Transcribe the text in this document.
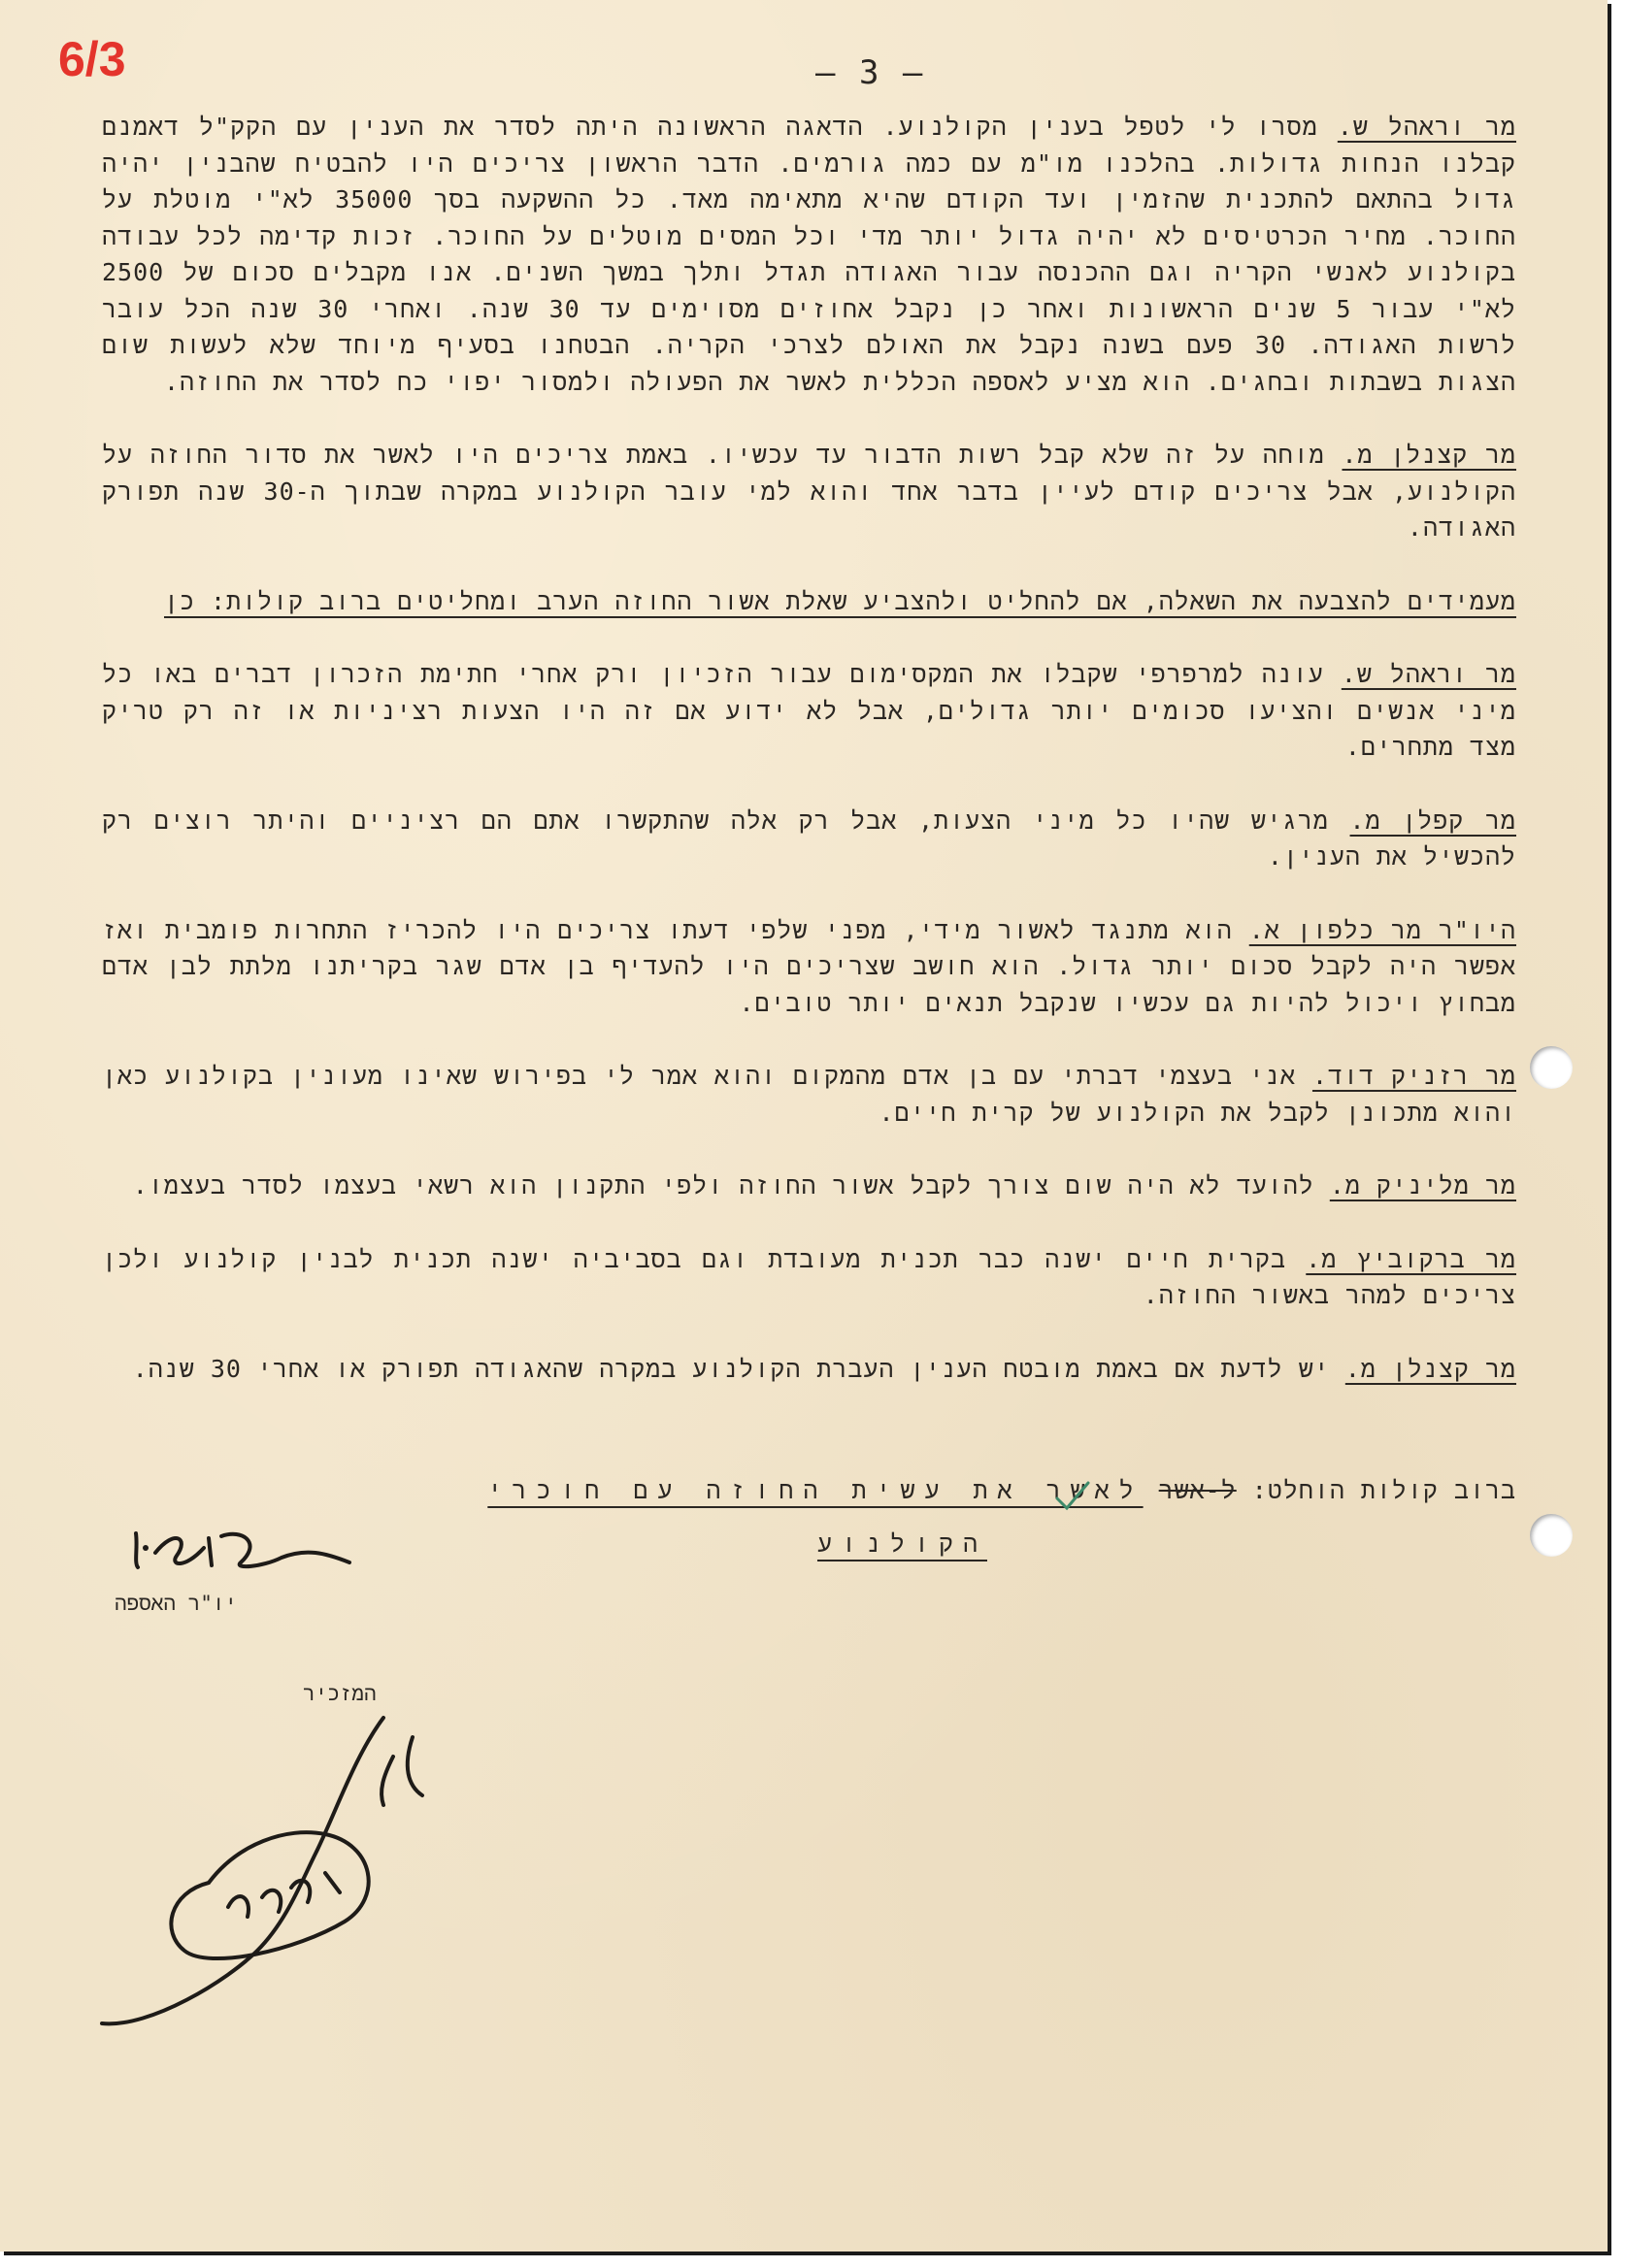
6/3	— 3 —

מר וראהל ש. מסרו לי לטפל בענין הקולנוע. הדאגה הראשונה היתה לסדר את הענין עם הקק"ל דאמנם קבלנו הנחות גדולות. בהלכנו מו"מ עם כמה גורמים. הדבר הראשון צריכים היו להבטיח שהבנין יהיה גדול בהתאם להתכנית שהזמין ועד הקודם שהיא מתאימה מאד. כל ההשקעה בסך 35000 לא"י מוטלת על החוכר. מחיר הכרטיסים לא יהיה גדול יותר מדי וכל המסים מוטלים על החוכר. זכות קדימה לכל עבודה בקולנוע לאנשי הקריה וגם ההכנסה עבור האגודה תגדל ותלך במשך השנים. אנו מקבלים סכום של 2500 לא"י עבור 5 שנים הראשונות ואחר כן נקבל אחוזים מסוימים עד 30 שנה. ואחרי 30 שנה הכל עובר לרשות האגודה. 30 פעם בשנה נקבל את האולם לצרכי הקריה. הבטחנו בסעיף מיוחד שלא לעשות שום הצגות בשבתות ובחגים. הוא מציע לאספה הכללית לאשר את הפעולה ולמסור יפוי כח לסדר את החוזה.

מר קצנלן מ. מוחה על זה שלא קבל רשות הדבור עד עכשיו. באמת צריכים היו לאשר את סדור החוזה על הקולנוע, אבל צריכים קודם לעיין בדבר אחד והוא למי עובר הקולנוע במקרה שבתוך ה-30 שנה תפורק האגודה.

מעמידים להצבעה את השאלה, אם להחליט ולהצביע שאלת אשור החוזה הערב ומחליטים ברוב קולות: כן

מר וראהל ש. עונה למרפרפי שקבלו את המקסימום עבור הזכיון ורק אחרי חתימת הזכרון דברים באו כל מיני אנשים והציעו סכומים יותר גדולים, אבל לא ידוע אם זה היו הצעות רציניות או זה רק טריק מצד מתחרים.

מר קפלן מ. מרגיש שהיו כל מיני הצעות, אבל רק אלה שהתקשרו אתם הם רציניים והיתר רוצים רק להכשיל את הענין.

היו"ר מר כלפון א. הוא מתנגד לאשור מידי, מפני שלפי דעתו צריכים היו להכריז התחרות פומבית ואז אפשר היה לקבל סכום יותר גדול. הוא חושב שצריכים היו להעדיף בן אדם שגר בקריתנו מלתת לבן אדם מבחוץ ויכול להיות גם עכשיו שנקבל תנאים יותר טובים.

מר רזניק דוד. אני בעצמי דברתי עם בן אדם מהמקום והוא אמר לי בפירוש שאינו מעונין בקולנוע כאן והוא מתכונן לקבל את הקולנוע של קרית חיים.

מר מליניק מ. להועד לא היה שום צורך לקבל אשור החוזה ולפי התקנון הוא רשאי בעצמו לסדר בעצמו.

מר ברקוביץ מ. בקרית חיים ישנה כבר תכנית מעובדת וגם בסביביה ישנה תכנית לבנין קולנוע ולכן צריכים למהר באשור החוזה.

מר קצנלן מ. יש לדעת אם באמת מובטח הענין העברת הקולנוע במקרה שהאגודה תפורק או אחרי 30 שנה.

ברוב קולות הוחלט: ל-אשר לאשר את עשית החוזה עם חוכרי
הקולנוע
יו"ר האספה
המזכיר
